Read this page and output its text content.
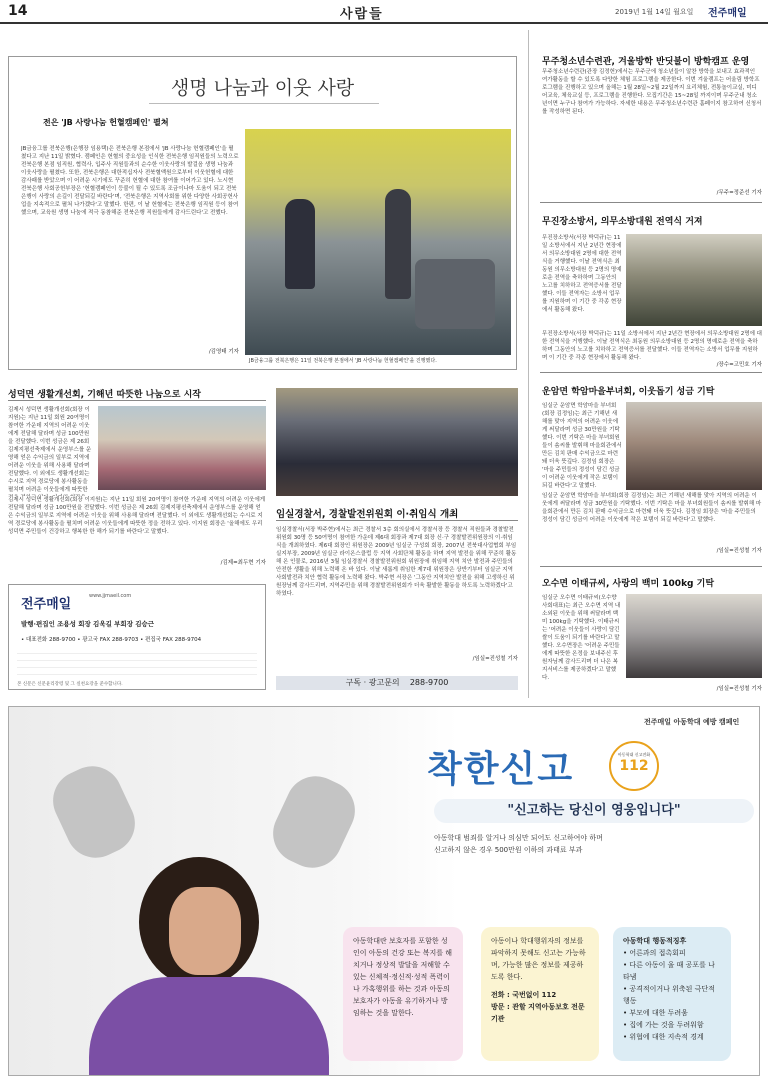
14	사람들	2019년 1월 14일 월요일 전주매일
생명 나눔과 이웃 사랑
전은 'JB 사랑나눔 헌혈캠페인' 펼쳐
JB금융그룹 전북은행(은행장 임용택)은 전북은행 본점에서 'JB 사랑나눔 헌혈캠페인'을 펼쳤다고 지난 11일 밝혔다. 캠페인은 헌혈의 중요성을 인식한 전북은행 임직원들의 노력으로 전북은행 본점 임직원, 협력사, 입주사 직원들과의 순수한 이웃사랑의 발걸음 생명 나눔과 이웃사랑을 펼쳤다. 또한, 전북은행은 대한적십자사 전북혈액원으로부터 이웃헌혈에 대한 감사패를 받았으며 이 어려운 시기에도 꾸준히 헌혈에 대한 참여를 이어가고 있다. 노시현 전북은행 사회공헌부장은 '헌혈캠페인이 등불이 될 수 있도록 조금이나마 도움이 되고 전북은행이 사랑의 손길이 전달되길 바란다'며, '전북은행은 지역사회를 위한 다양한 사회공헌사업을 지속적으로 펼쳐 나가겠다'고 말했다. 한편, 이 날 헌혈에는 전북은행 임직원 등이 참여했으며, 교육원 생명 나눔에 적극 동참해준 전북은행 직원들에게 감사드린다'고 전했다.
/김영태 기자
JB금융그룹 전북은행은 11일 전북은행 본점에서 'JB 사랑나눔 헌혈캠페인'을 진행했다.
성덕면 생활개선회, 기해년 따뜻한 나눔으로 시작
김제시 성덕면 생활개선회(회장 이지원)는 지난 11일 회원 20여명이 참여한 가운데 지역의 어려운 이웃에게 전달해 달라며 성금 100만원을 전달했다. 이번 성금은 제 26회 김제지평선축제에서 운영부스를 운영해 얻은 수익금의 일부로 지역에 어려운 이웃을 위해 사용해 달라며 전달했다. 이 외에도 생활개선회는 수시로 지역 경로당에 봉사활동을 펼치며 어려운 이웃들에게 따뜻한
김제시 성덕면 생활개선회(회장 이지원)는 지난 11일 회원 20여명이 참여한 가운데 지역의 어려운 이웃에게 전달해 달라며 성금 100만원을 전달했다. 이번 성금은 제 26회 김제지평선축제에서 운영부스를 운영해 얻은 수익금의 일부로 지역에 어려운 이웃을 위해 사용해 달라며 전달했다. 이 외에도 생활개선회는 수시로 지역 경로당에 봉사활동을 펼치며 어려운 이웃들에게 따뜻한 정을 전하고 있다. 이지원 회장은 '올해에도 우리 성덕면 주민들이 건강하고 행복한 한 해가 되기를 바란다'고 말했다.
/김제=최두현 기자
전주매일
www.jjmaeil.com
발행·편집인 조용성 회장 김욱길 부회장 김승근
• 대표전화 288-9700 • 광고국 FAX 288-9703 • 편집국 FAX 288-9704
본 신문은 신문윤리강령 및 그 실천요강을 준수합니다.
임실경찰서, 경찰발전위원회 이·취임식 개최
임실경찰서(서장 박주현)에서는 최근 경찰서 3층 회의실에서 경찰서장 등 경찰서 직원들과 경찰발전위원회 30명 등 50여명이 참여한 가운데 제6대 회장과 제7대 회장 신·구 경찰발전위원장의 이·취임식을 개최하였다. 제6대 회장인 위원장은 2009년 임실군 구성회 회장, 2007년 전북대사업협회 부임실지부장, 2009년 임실군 라이온스클럽 등 지역 사회단체 활동을 하며 지역 발전을 위해 꾸준히 활동해 온 인물로, 2016년 3월 임실경찰서 경찰발전위원회 위원장에 취임해 지역 치안 발전과 주민들의 안전한 생활을 위해 노력해 온 바 있다. 이날 새롭게 취임한 제7대 위원장은 상반기부터 임실군 지역 사회발전과 치안 협력 활동에 노력해 왔다. 박주현 서장은 '그동안 지역치안 발전을 위해 고생하신 위원장님께 감사드리며, 지역주민을 위해 경찰발전위원회가 더욱 활발한 활동을 하도록 노력하겠다'고 하였다.
/임실=진성철 기자
구독 · 광고문의 288-9700
무주청소년수련관, 겨울방학 반딧불이 방학캠프 운영
무주청소년수련관(관장 김정헌)에서는 무주군에 청소년들이 알찬 방학을 보내고 효과적인 여가활동을 할 수 있도록 다양한 체험 프로그램을 제공한다. 이번 겨울캠프는 어울림 방학프로그램을 진행하고 있으며 올해는 1월 28일~2월 22일까지 요리체험, 전통놀이교실, 미디어교육, 체육교실 등, 프로그램을 진행한다. 모집기간은 15~28일 까지이며 무주군내 청소년이면 누구나 참여가 가능하다. 자세한 내용은 무주청소년수련관 홈페이지 참고하여 신청서를 작성하면 된다.
/무주=정준선 기자
무진장소방서, 의무소방대원 전역식 거져
무진장소방서(서장 박덕규)는 11일 소방서에서 지난 2년간 현장에서 의무소방대원 2명에 대한 전역식을 거행했다. 이날 전역식은 최동원 의무소방대원 등 2명의 명예로운 전역을 축하하며 그동안의 노고를 치하하고 전역증서를 전달했다. 이들 전역자는 소방서 업무를 지원하며 이 기간 중 각종 현장에서 활동해 왔다.
무진장소방서(서장 박덕규)는 11일 소방서에서 지난 2년간 현장에서 의무소방대원 2명에 대한 전역식을 거행했다. 이날 전역식은 최동원 의무소방대원 등 2명의 명예로운 전역을 축하하며 그동안의 노고를 치하하고 전역증서를 전달했다. 이들 전역자는 소방서 업무를 지원하며 이 기간 중 각종 현장에서 활동해 왔다.
/장수=고민호 기자
운암면 학암마을부녀회, 이웃돕기 성금 기탁
임실군 운암면 학암마을 부녀회(회장 김정임)는 최근 기해년 새해를 맞아 지역의 어려운 이웃에게 써달라며 성금 30만원을 기탁했다. 이번 기탁은 마을 부녀회원들이 솜씨를 발휘해 마을회관에서 만든 김치 판매 수익금으로 마련돼 더욱 뜻깊다. 김정임 회장은 '마을 주민들의 정성이 담긴 성금이 어려운 이웃에게 작은 보탬이 되길 바란다'고 말했다.
임실군 운암면 학암마을 부녀회(회장 김정임)는 최근 기해년 새해를 맞아 지역의 어려운 이웃에게 써달라며 성금 30만원을 기탁했다. 이번 기탁은 마을 부녀회원들이 솜씨를 발휘해 마을회관에서 만든 김치 판매 수익금으로 마련돼 더욱 뜻깊다. 김정임 회장은 '마을 주민들의 정성이 담긴 성금이 어려운 이웃에게 작은 보탬이 되길 바란다'고 말했다.
/임실=진성철 기자
오수면 이태규씨, 사랑의 백미 100kg 기탁
임실군 오수면 이태규씨(오수향사회대표)는 최근 오수면 지역 내 소외된 이웃을 위해 써달라며 백미 100kg을 기탁했다. 이태규씨는 '어려운 이웃들이 사랑이 담긴 쌀이 도움이 되기를 바란다'고 말했다. 오수면장은 '어려운 주민들에게 따뜻한 온정을 보내주신 후원자님께 감사드리며 더 나은 복지서비스를 제공하겠다'고 말했다.
/임실=진성철 기자
전주매일 아동학대 예방 캠페인
착한신고	아동학대 신고전화
112
"신고하는 당신이 영웅입니다"
아동학대 범죄를 알거나 의심만 되어도 신고하여야 하며
신고하지 않은 경우 500만원 이하의 과태료 부과
아동학대란 보호자를 포함한 성인이 아동의 건강 또는 복지를 해치거나 정상적 발달을 저해할 수 있는 신체적·정신적·성적 폭력이나 가혹행위를 하는 것과 아동의 보호자가 아동을 유기하거나 방임하는 것을 말한다.
아동이나 학대행위자의 정보를 파악하지 못해도 신고는 가능하며, 가능한 많은 정보를 제공하도록 한다.
전화 : 국번없이 112
방문 : 관할 지역아동보호 전문기관
아동학대 행동적징후
• 어른과의 접촉회피
• 다른 아동이 울 때 공포를 나타냄
• 공격적이거나 위축된 극단적 행동
• 부모에 대한 두려움
• 집에 가는 것을 두려워함
• 위협에 대한 지속적 경계
